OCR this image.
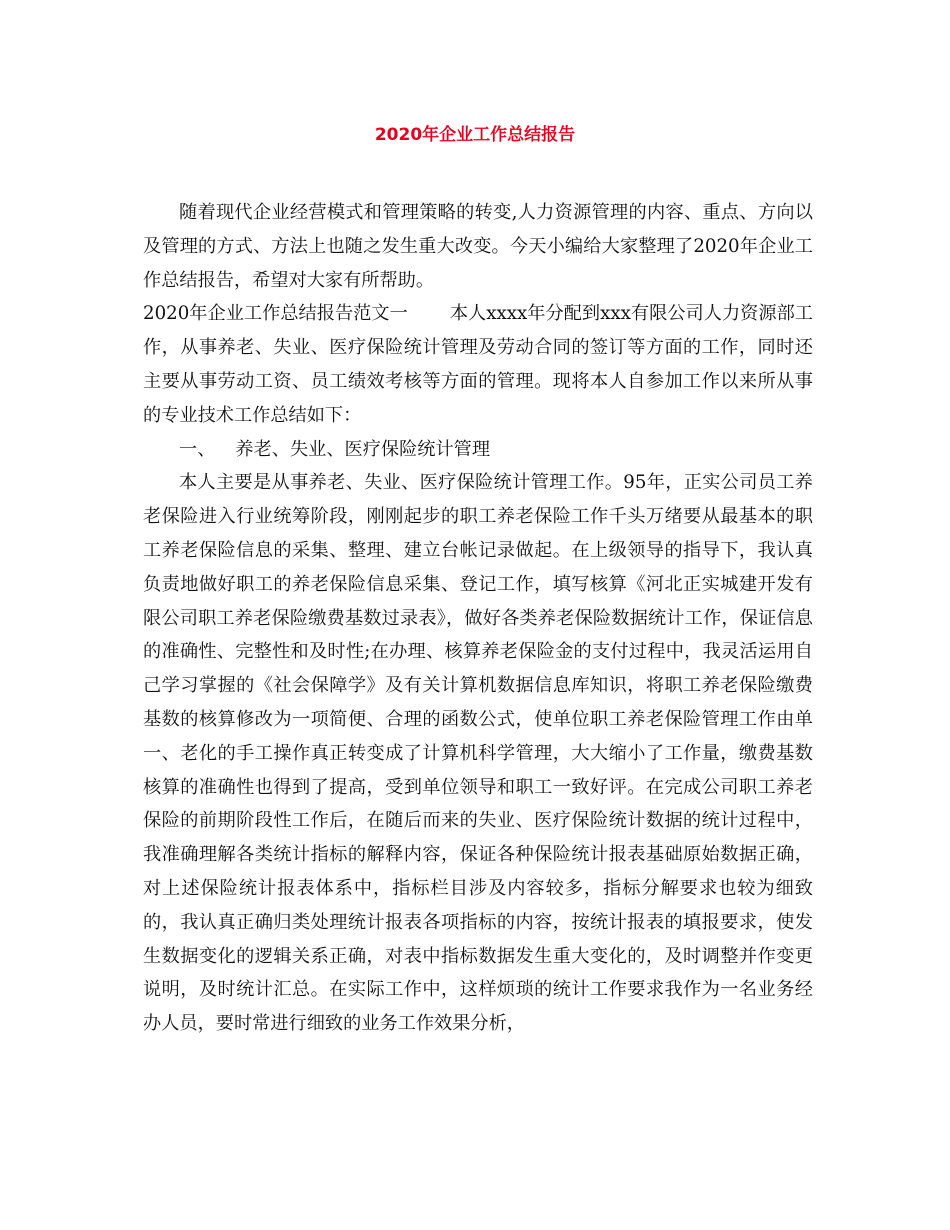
2020年企业工作总结报告

随着现代企业经营模式和管理策略的转变,人力资源管理的内容、重点、方向以及管理的方式、方法上也随之发生重大改变。今天小编给大家整理了2020年企业工作总结报告，希望对大家有所帮助。

2020年企业工作总结报告范文一 本人xxxx年分配到xxx有限公司人力资源部工作，从事养老、失业、医疗保险统计管理及劳动合同的签订等方面的工作，同时还主要从事劳动工资、员工绩效考核等方面的管理。现将本人自参加工作以来所从事的专业技术工作总结如下：

一、 养老、失业、医疗保险统计管理

本人主要是从事养老、失业、医疗保险统计管理工作。95年，正实公司员工养老保险进入行业统筹阶段，刚刚起步的职工养老保险工作千头万绪要从最基本的职工养老保险信息的采集、整理、建立台帐记录做起。在上级领导的指导下，我认真负责地做好职工的养老保险信息采集、登记工作，填写核算《河北正实城建开发有限公司职工养老保险缴费基数过录表》，做好各类养老保险数据统计工作，保证信息的准确性、完整性和及时性;在办理、核算养老保险金的支付过程中，我灵活运用自己学习掌握的《社会保障学》及有关计算机数据信息库知识，将职工养老保险缴费基数的核算修改为一项简便、合理的函数公式，使单位职工养老保险管理工作由单一、老化的手工操作真正转变成了计算机科学管理，大大缩小了工作量，缴费基数核算的准确性也得到了提高，受到单位领导和职工一致好评。在完成公司职工养老保险的前期阶段性工作后，在随后而来的失业、医疗保险统计数据的统计过程中，我准确理解各类统计指标的解释内容，保证各种保险统计报表基础原始数据正确，对上述保险统计报表体系中，指标栏目涉及内容较多，指标分解要求也较为细致的，我认真正确归类处理统计报表各项指标的内容，按统计报表的填报要求，使发生数据变化的逻辑关系正确，对表中指标数据发生重大变化的，及时调整并作变更说明，及时统计汇总。在实际工作中，这样烦琐的统计工作要求我作为一名业务经办人员，要时常进行细致的业务工作效果分析，
